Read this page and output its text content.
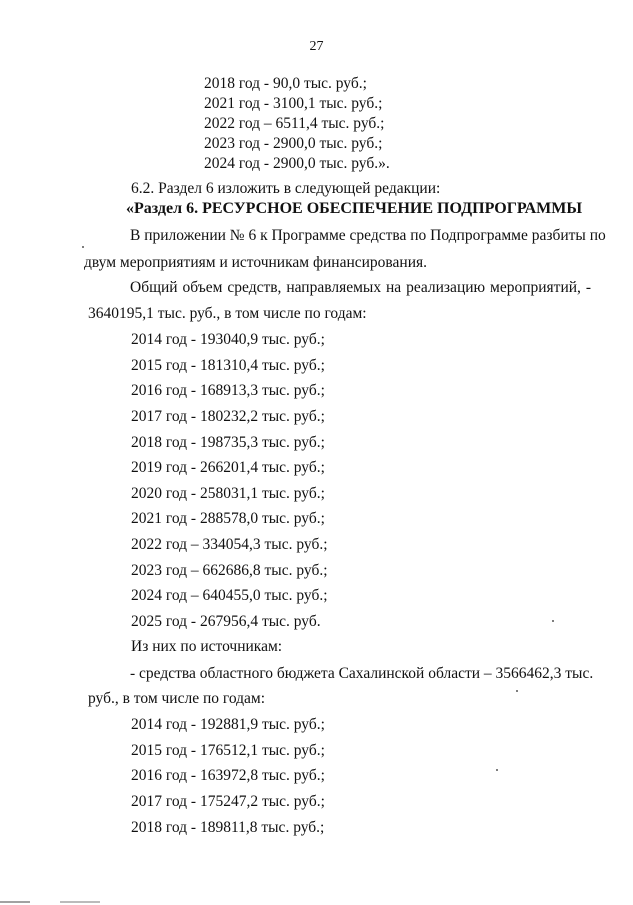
27
2018 год - 90,0 тыс. руб.;
2021 год - 3100,1 тыс. руб.;
2022 год – 6511,4 тыс. руб.;
2023 год - 2900,0 тыс. руб.;
2024 год - 2900,0 тыс. руб.».
6.2. Раздел 6 изложить в следующей редакции:
«Раздел 6. РЕСУРСНОЕ ОБЕСПЕЧЕНИЕ ПОДПРОГРАММЫ
В приложении № 6 к Программе средства по Подпрограмме разбиты по
двум мероприятиям и источникам финансирования.
Общий объем средств, направляемых на реализацию мероприятий, -
3640195,1 тыс. руб., в том числе по годам:
2014 год - 193040,9 тыс. руб.;
2015 год - 181310,4 тыс. руб.;
2016 год - 168913,3 тыс. руб.;
2017 год - 180232,2 тыс. руб.;
2018 год - 198735,3 тыс. руб.;
2019 год - 266201,4 тыс. руб.;
2020 год - 258031,1 тыс. руб.;
2021 год - 288578,0 тыс. руб.;
2022 год – 334054,3 тыс. руб.;
2023 год – 662686,8 тыс. руб.;
2024 год – 640455,0 тыс. руб.;
2025 год - 267956,4 тыс. руб.
Из них по источникам:
- средства областного бюджета Сахалинской области – 3566462,3 тыс.
руб., в том числе по годам:
2014 год - 192881,9 тыс. руб.;
2015 год - 176512,1 тыс. руб.;
2016 год - 163972,8 тыс. руб.;
2017 год - 175247,2 тыс. руб.;
2018 год - 189811,8 тыс. руб.;
